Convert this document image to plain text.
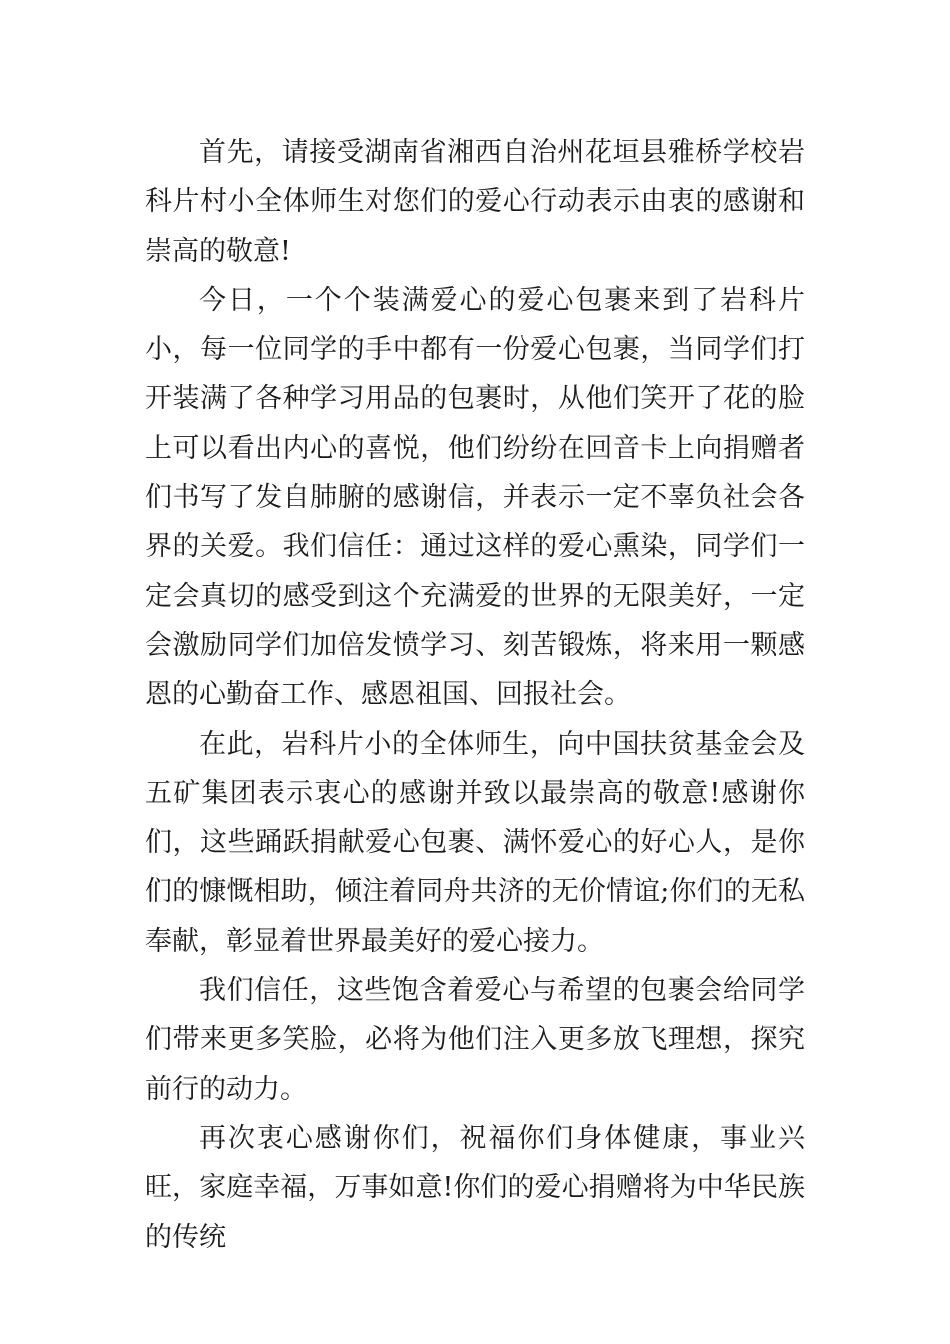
首先，请接受湖南省湘西自治州花垣县雅桥学校岩科片村小全体师生对您们的爱心行动表示由衷的感谢和崇高的敬意!

今日，一个个装满爱心的爱心包裹来到了岩科片小，每一位同学的手中都有一份爱心包裹，当同学们打开装满了各种学习用品的包裹时，从他们笑开了花的脸上可以看出内心的喜悦，他们纷纷在回音卡上向捐赠者们书写了发自肺腑的感谢信，并表示一定不辜负社会各界的关爱。我们信任：通过这样的爱心熏染，同学们一定会真切的感受到这个充满爱的世界的无限美好，一定会激励同学们加倍发愤学习、刻苦锻炼，将来用一颗感恩的心勤奋工作、感恩祖国、回报社会。

在此，岩科片小的全体师生，向中国扶贫基金会及五矿集团表示衷心的感谢并致以最崇高的敬意!感谢你们，这些踊跃捐献爱心包裹、满怀爱心的好心人，是你们的慷慨相助，倾注着同舟共济的无价情谊;你们的无私奉献，彰显着世界最美好的爱心接力。

我们信任，这些饱含着爱心与希望的包裹会给同学们带来更多笑脸，必将为他们注入更多放飞理想，探究前行的动力。

再次衷心感谢你们，祝福你们身体健康，事业兴旺，家庭幸福，万事如意!你们的爱心捐赠将为中华民族的传统
